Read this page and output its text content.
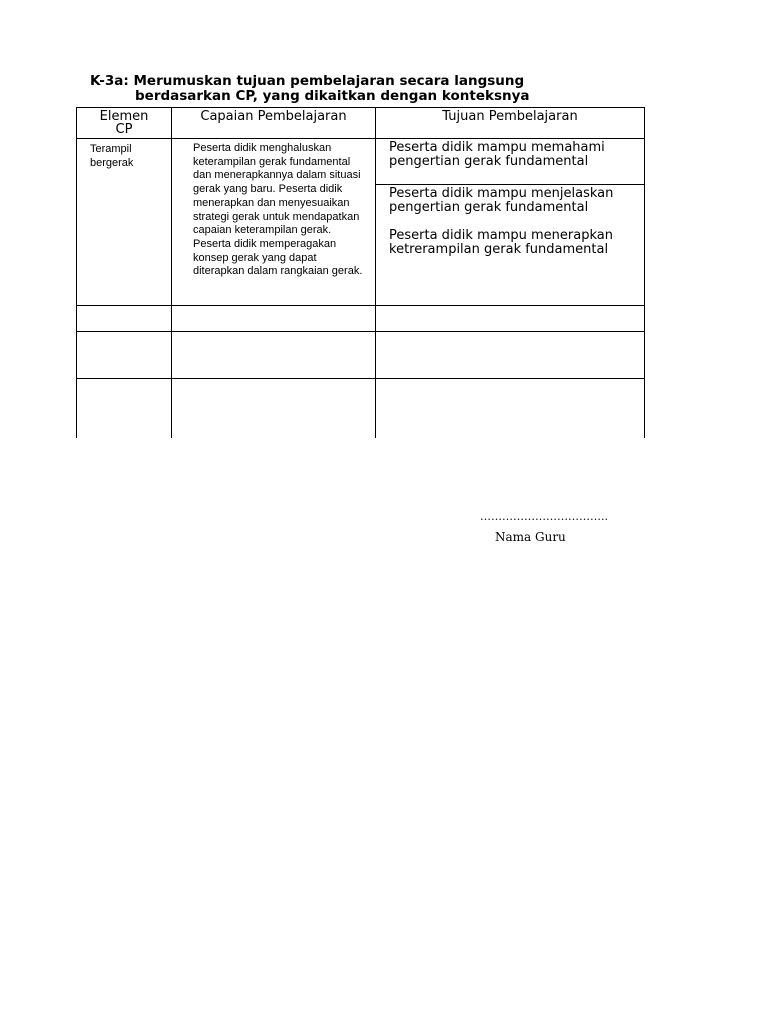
K-3a: Merumuskan tujuan pembelajaran secara langsung
berdasarkan CP, yang dikaitkan dengan konteksnya
Elemen
CP
Capaian Pembelajaran	Tujuan Pembelajaran
Terampil
bergerak
Peserta didik menghaluskan keterampilan gerak fundamental dan menerapkannya dalam situasi gerak yang baru. Peserta didik menerapkan dan menyesuaikan strategi gerak untuk mendapatkan capaian keterampilan gerak. Peserta didik memperagakan konsep gerak yang dapat diterapkan dalam rangkaian gerak.
Peserta didik mampu memahami pengertian gerak fundamental
Peserta didik mampu menjelaskan pengertian gerak fundamental
Peserta didik mampu menerapkan ketrerampilan gerak fundamental
……………………………..
Nama Guru
